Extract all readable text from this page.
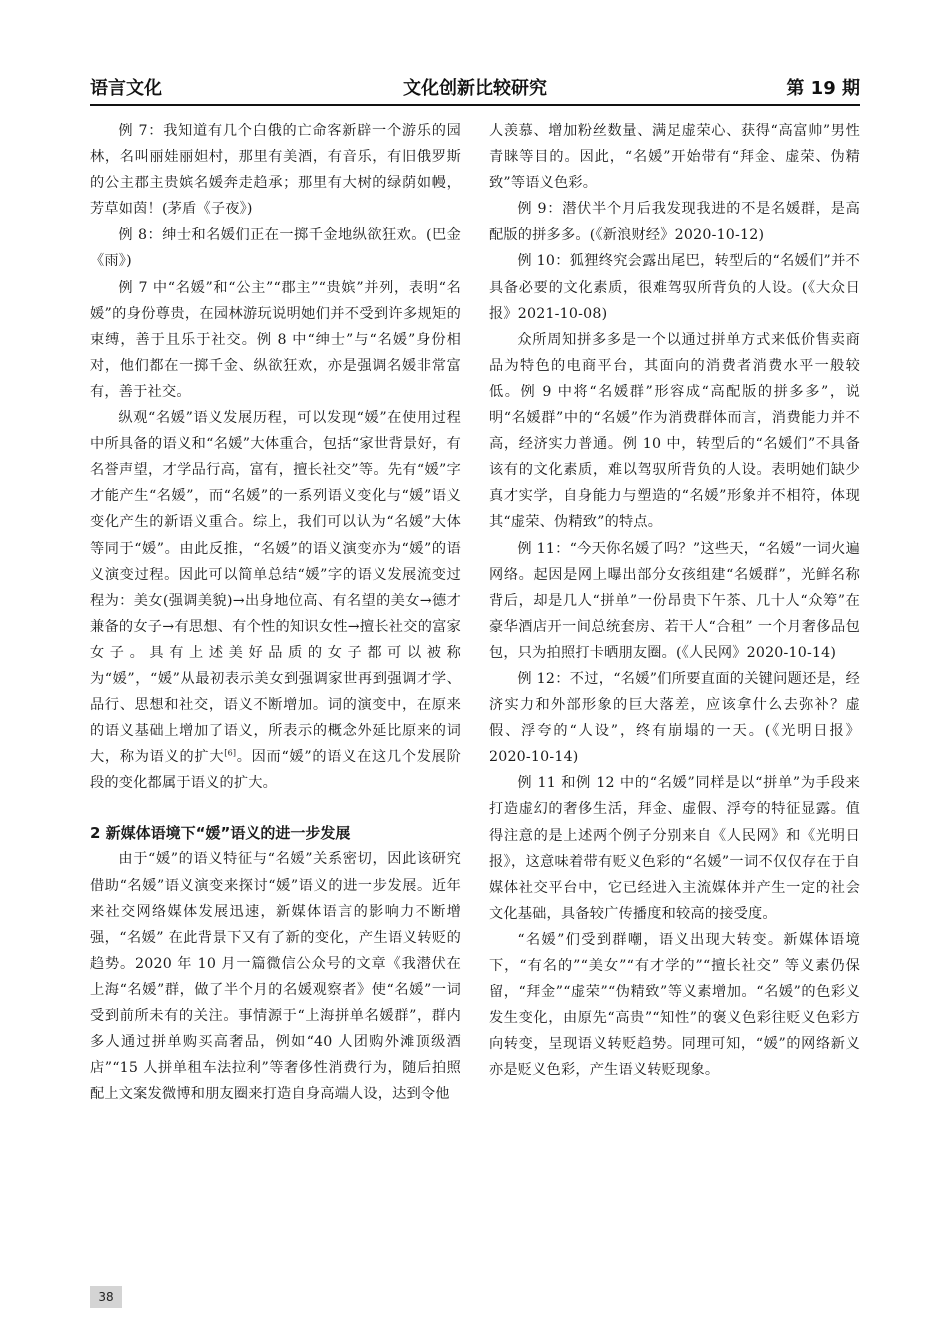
语言文化	文化创新比较研究	第 19 期

例 7：我知道有几个白俄的亡命客新辟一个游乐的园林，名叫丽娃丽妲村，那里有美酒，有音乐，有旧俄罗斯的公主郡主贵嫔名媛奔走趋承；那里有大树的绿荫如幔，芳草如茵！(茅盾《子夜》)

例 8：绅士和名媛们正在一掷千金地纵欲狂欢。(巴金《雨》)

例 7 中“名媛”和“公主”“郡主”“贵嫔”并列，表明“名媛”的身份尊贵，在园林游玩说明她们并不受到许多规矩的束缚，善于且乐于社交。例 8 中“绅士”与“名媛”身份相对，他们都在一掷千金、纵欲狂欢，亦是强调名媛非常富有，善于社交。

纵观“名媛”语义发展历程，可以发现“媛”在使用过程中所具备的语义和“名媛”大体重合，包括“家世背景好，有名誉声望，才学品行高，富有，擅长社交”等。先有“媛”字才能产生“名媛”，而“名媛”的一系列语义变化与“媛”语义变化产生的新语义重合。综上，我们可以认为“名媛”大体等同于“媛”。由此反推，“名媛”的语义演变亦为“媛”的语义演变过程。因此可以简单总结“媛”字的语义发展流变过程为：美女(强调美貌)→出身地位高、有名望的美女→德才兼备的女子→有思想、有个性的知识女性→擅长社交的富家女子。具有上述美好品质的女子都可以被称为“媛”，“媛”从最初表示美女到强调家世再到强调才学、品行、思想和社交，语义不断增加。词的演变中，在原来的语义基础上增加了语义，所表示的概念外延比原来的词大，称为语义的扩大[6]。因而“媛”的语义在这几个发展阶段的变化都属于语义的扩大。

2 新媒体语境下“媛”语义的进一步发展

由于“媛”的语义特征与“名媛”关系密切，因此该研究借助“名媛”语义演变来探讨“媛”语义的进一步发展。近年来社交网络媒体发展迅速，新媒体语言的影响力不断增强，“名媛” 在此背景下又有了新的变化，产生语义转贬的趋势。2020 年 10 月一篇微信公众号的文章《我潜伏在上海“名媛”群，做了半个月的名媛观察者》使“名媛”一词受到前所未有的关注。事情源于“上海拼单名媛群”，群内多人通过拼单购买高奢品，例如“40 人团购外滩顶级酒店”“15 人拼单租车法拉利”等奢侈性消费行为，随后拍照配上文案发微博和朋友圈来打造自身高端人设，达到令他

人羡慕、增加粉丝数量、满足虚荣心、获得“高富帅”男性青睐等目的。因此，“名媛”开始带有“拜金、虚荣、伪精致”等语义色彩。

例 9：潜伏半个月后我发现我进的不是名媛群，是高配版的拼多多。(《新浪财经》2020-10-12)

例 10：狐狸终究会露出尾巴，转型后的“名媛们”并不具备必要的文化素质，很难驾驭所背负的人设。(《大众日报》2021-10-08)

众所周知拼多多是一个以通过拼单方式来低价售卖商品为特色的电商平台，其面向的消费者消费水平一般较低。例 9 中将“名媛群”形容成“高配版的拼多多”，说明“名媛群”中的“名媛”作为消费群体而言，消费能力并不高，经济实力普通。例 10 中，转型后的“名媛们”不具备该有的文化素质，难以驾驭所背负的人设。表明她们缺少真才实学，自身能力与塑造的“名媛”形象并不相符，体现其“虚荣、伪精致”的特点。

例 11：“今天你名媛了吗？”这些天，“名媛”一词火遍网络。起因是网上曝出部分女孩组建“名媛群”，光鲜名称背后，却是几人“拼单”一份昂贵下午茶、几十人“众筹”在豪华酒店开一间总统套房、若干人“合租” 一个月奢侈品包包，只为拍照打卡晒朋友圈。(《人民网》2020-10-14)

例 12：不过，“名媛”们所要直面的关键问题还是，经济实力和外部形象的巨大落差，应该拿什么去弥补？虚假、浮夸的“人设”，终有崩塌的一天。(《光明日报》2020-10-14)

例 11 和例 12 中的“名媛”同样是以“拼单”为手段来打造虚幻的奢侈生活，拜金、虚假、浮夸的特征显露。值得注意的是上述两个例子分别来自《人民网》和《光明日报》，这意味着带有贬义色彩的“名媛”一词不仅仅存在于自媒体社交平台中，它已经进入主流媒体并产生一定的社会文化基础，具备较广传播度和较高的接受度。

“名媛”们受到群嘲，语义出现大转变。新媒体语境下，“有名的”“美女”“有才学的”“擅长社交” 等义素仍保留，“拜金”“虚荣”“伪精致”等义素增加。“名媛”的色彩义发生变化，由原先“高贵”“知性”的褒义色彩往贬义色彩方向转变，呈现语义转贬趋势。同理可知，“媛”的网络新义亦是贬义色彩，产生语义转贬现象。

38
